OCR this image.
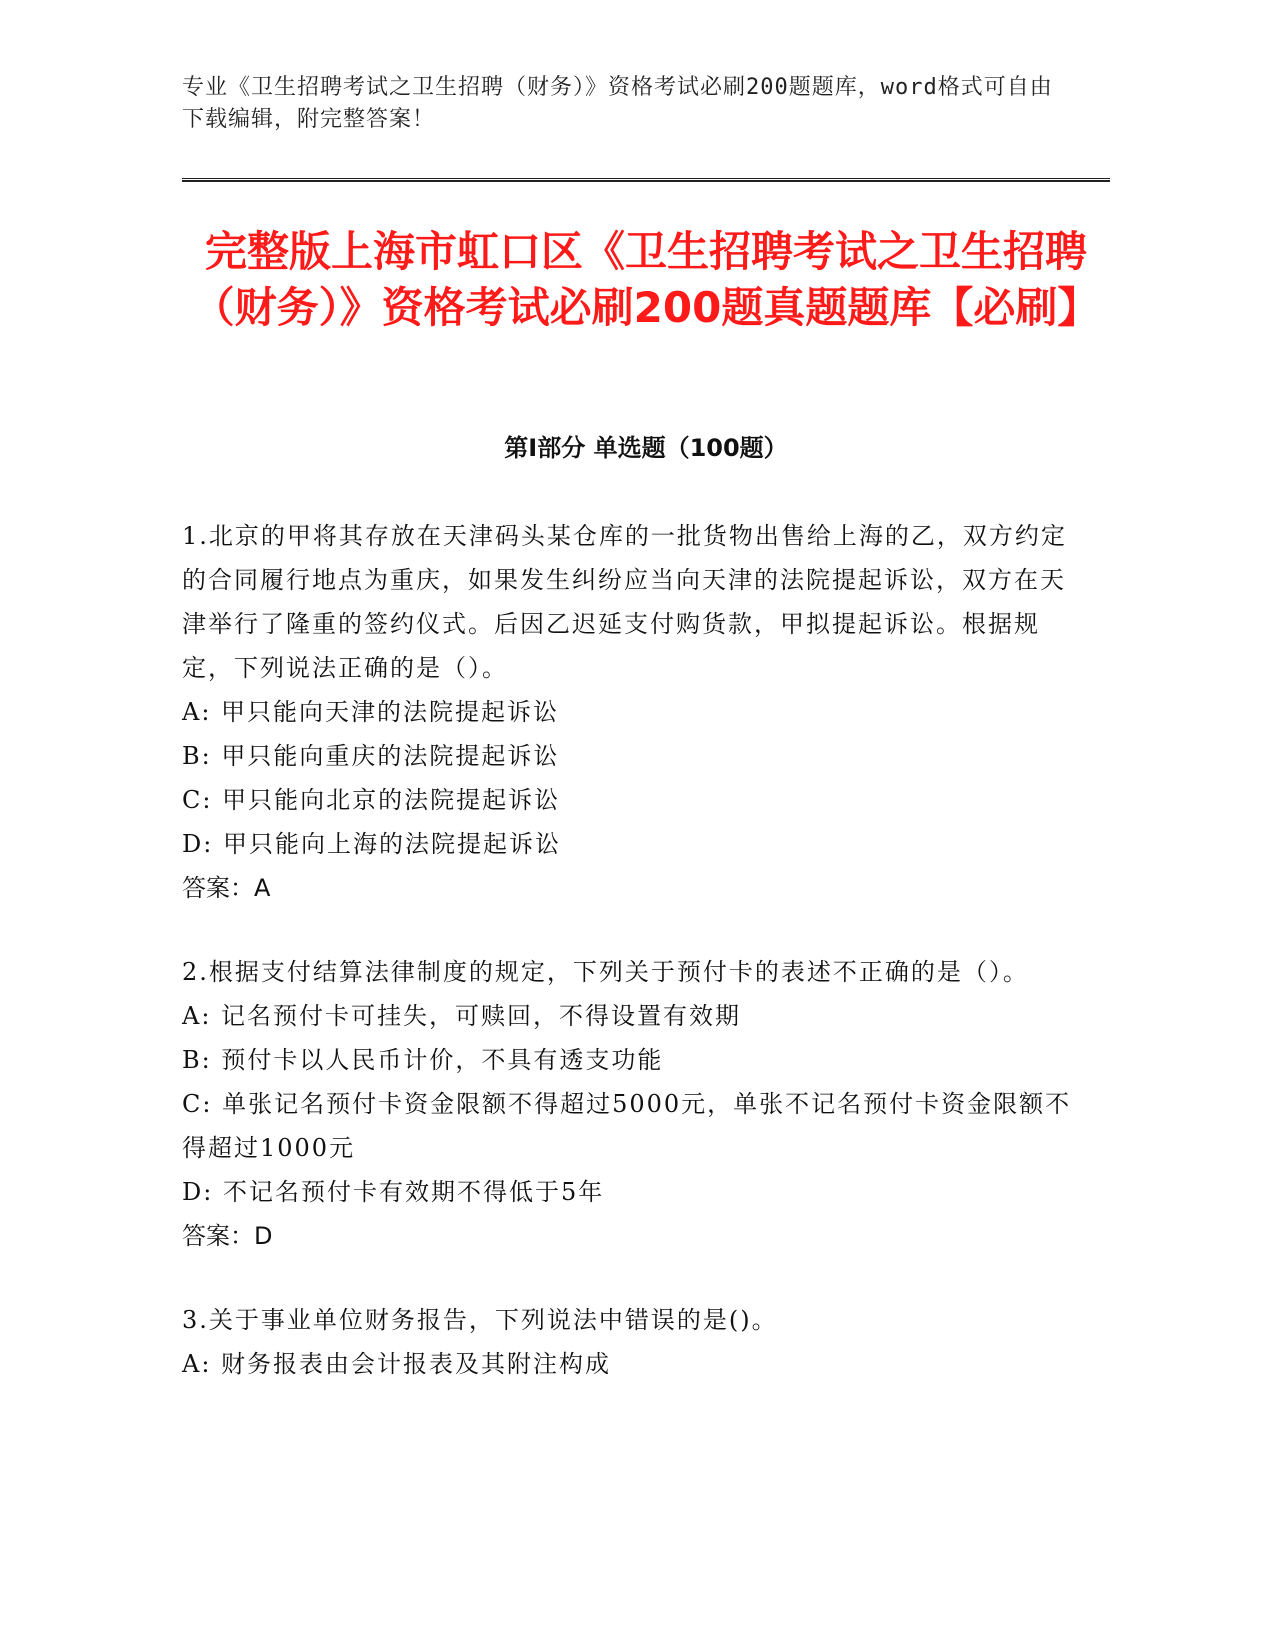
专业《卫生招聘考试之卫生招聘（财务）》资格考试必刷200题题库，word格式可自由下载编辑，附完整答案！
完整版上海市虹口区《卫生招聘考试之卫生招聘（财务）》资格考试必刷200题真题题库【必刷】
第I部分 单选题（100题）

1.北京的甲将其存放在天津码头某仓库的一批货物出售给上海的乙，双方约定的合同履行地点为重庆，如果发生纠纷应当向天津的法院提起诉讼，双方在天津举行了隆重的签约仪式。后因乙迟延支付购货款，甲拟提起诉讼。根据规定，下列说法正确的是（）。

A: 甲只能向天津的法院提起诉讼

B: 甲只能向重庆的法院提起诉讼

C: 甲只能向北京的法院提起诉讼

D: 甲只能向上海的法院提起诉讼

答案：A

2.根据支付结算法律制度的规定，下列关于预付卡的表述不正确的是（）。

A: 记名预付卡可挂失，可赎回，不得设置有效期

B: 预付卡以人民币计价，不具有透支功能

C: 单张记名预付卡资金限额不得超过5000元，单张不记名预付卡资金限额不得超过1000元

D: 不记名预付卡有效期不得低于5年

答案：D

3.关于事业单位财务报告，下列说法中错误的是()。

A: 财务报表由会计报表及其附注构成
